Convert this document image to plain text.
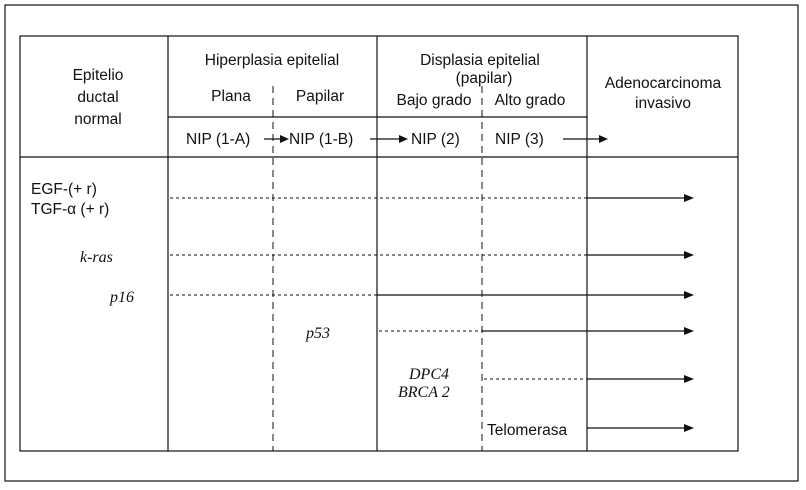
Epitelio
ductal
normal
Hiperplasia epitelial
Plana	Papilar
Displasia epitelial
(papilar)
Bajo grado Alto grado
Adenocarcinoma
invasivo
NIP (1-A) NIP (1-B)	NIP (2) NIP (3)
EGF-(+ r)
TGF-α (+ r)
k-ras
p16
p53
DPC4
BRCA 2
Telomerasa
